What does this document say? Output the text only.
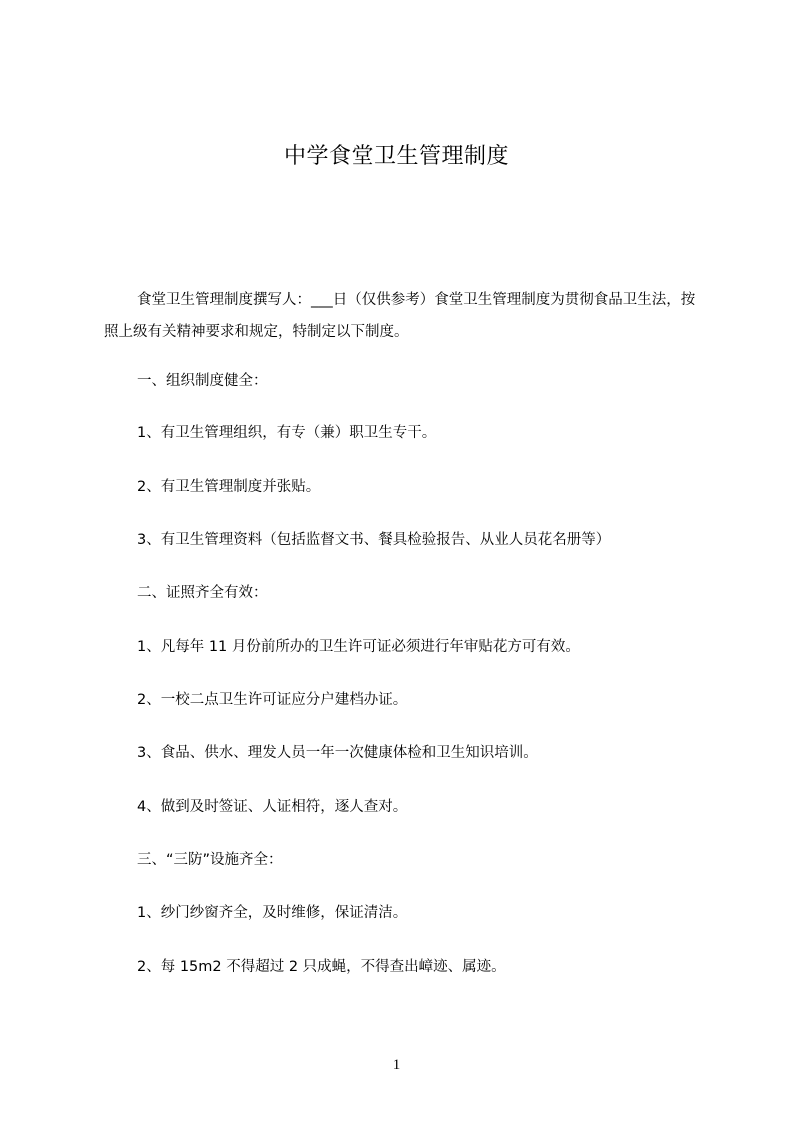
中学食堂卫生管理制度

食堂卫生管理制度撰写人：___日（仅供参考）食堂卫生管理制度为贯彻食品卫生法，按照上级有关精神要求和规定，特制定以下制度。

一、组织制度健全：

1、有卫生管理组织，有专（兼）职卫生专干。

2、有卫生管理制度并张贴。

3、有卫生管理资料（包括监督文书、餐具检验报告、从业人员花名册等）

二、证照齐全有效：

1、凡每年 11 月份前所办的卫生许可证必须进行年审贴花方可有效。

2、一校二点卫生许可证应分户建档办证。

3、食品、供水、理发人员一年一次健康体检和卫生知识培训。

4、做到及时签证、人证相符，逐人查对。

三、“三防”设施齐全：

1、纱门纱窗齐全，及时维修，保证清洁。

2、每 15m2 不得超过 2 只成蝇，不得查出嶂迹、属迹。

1
